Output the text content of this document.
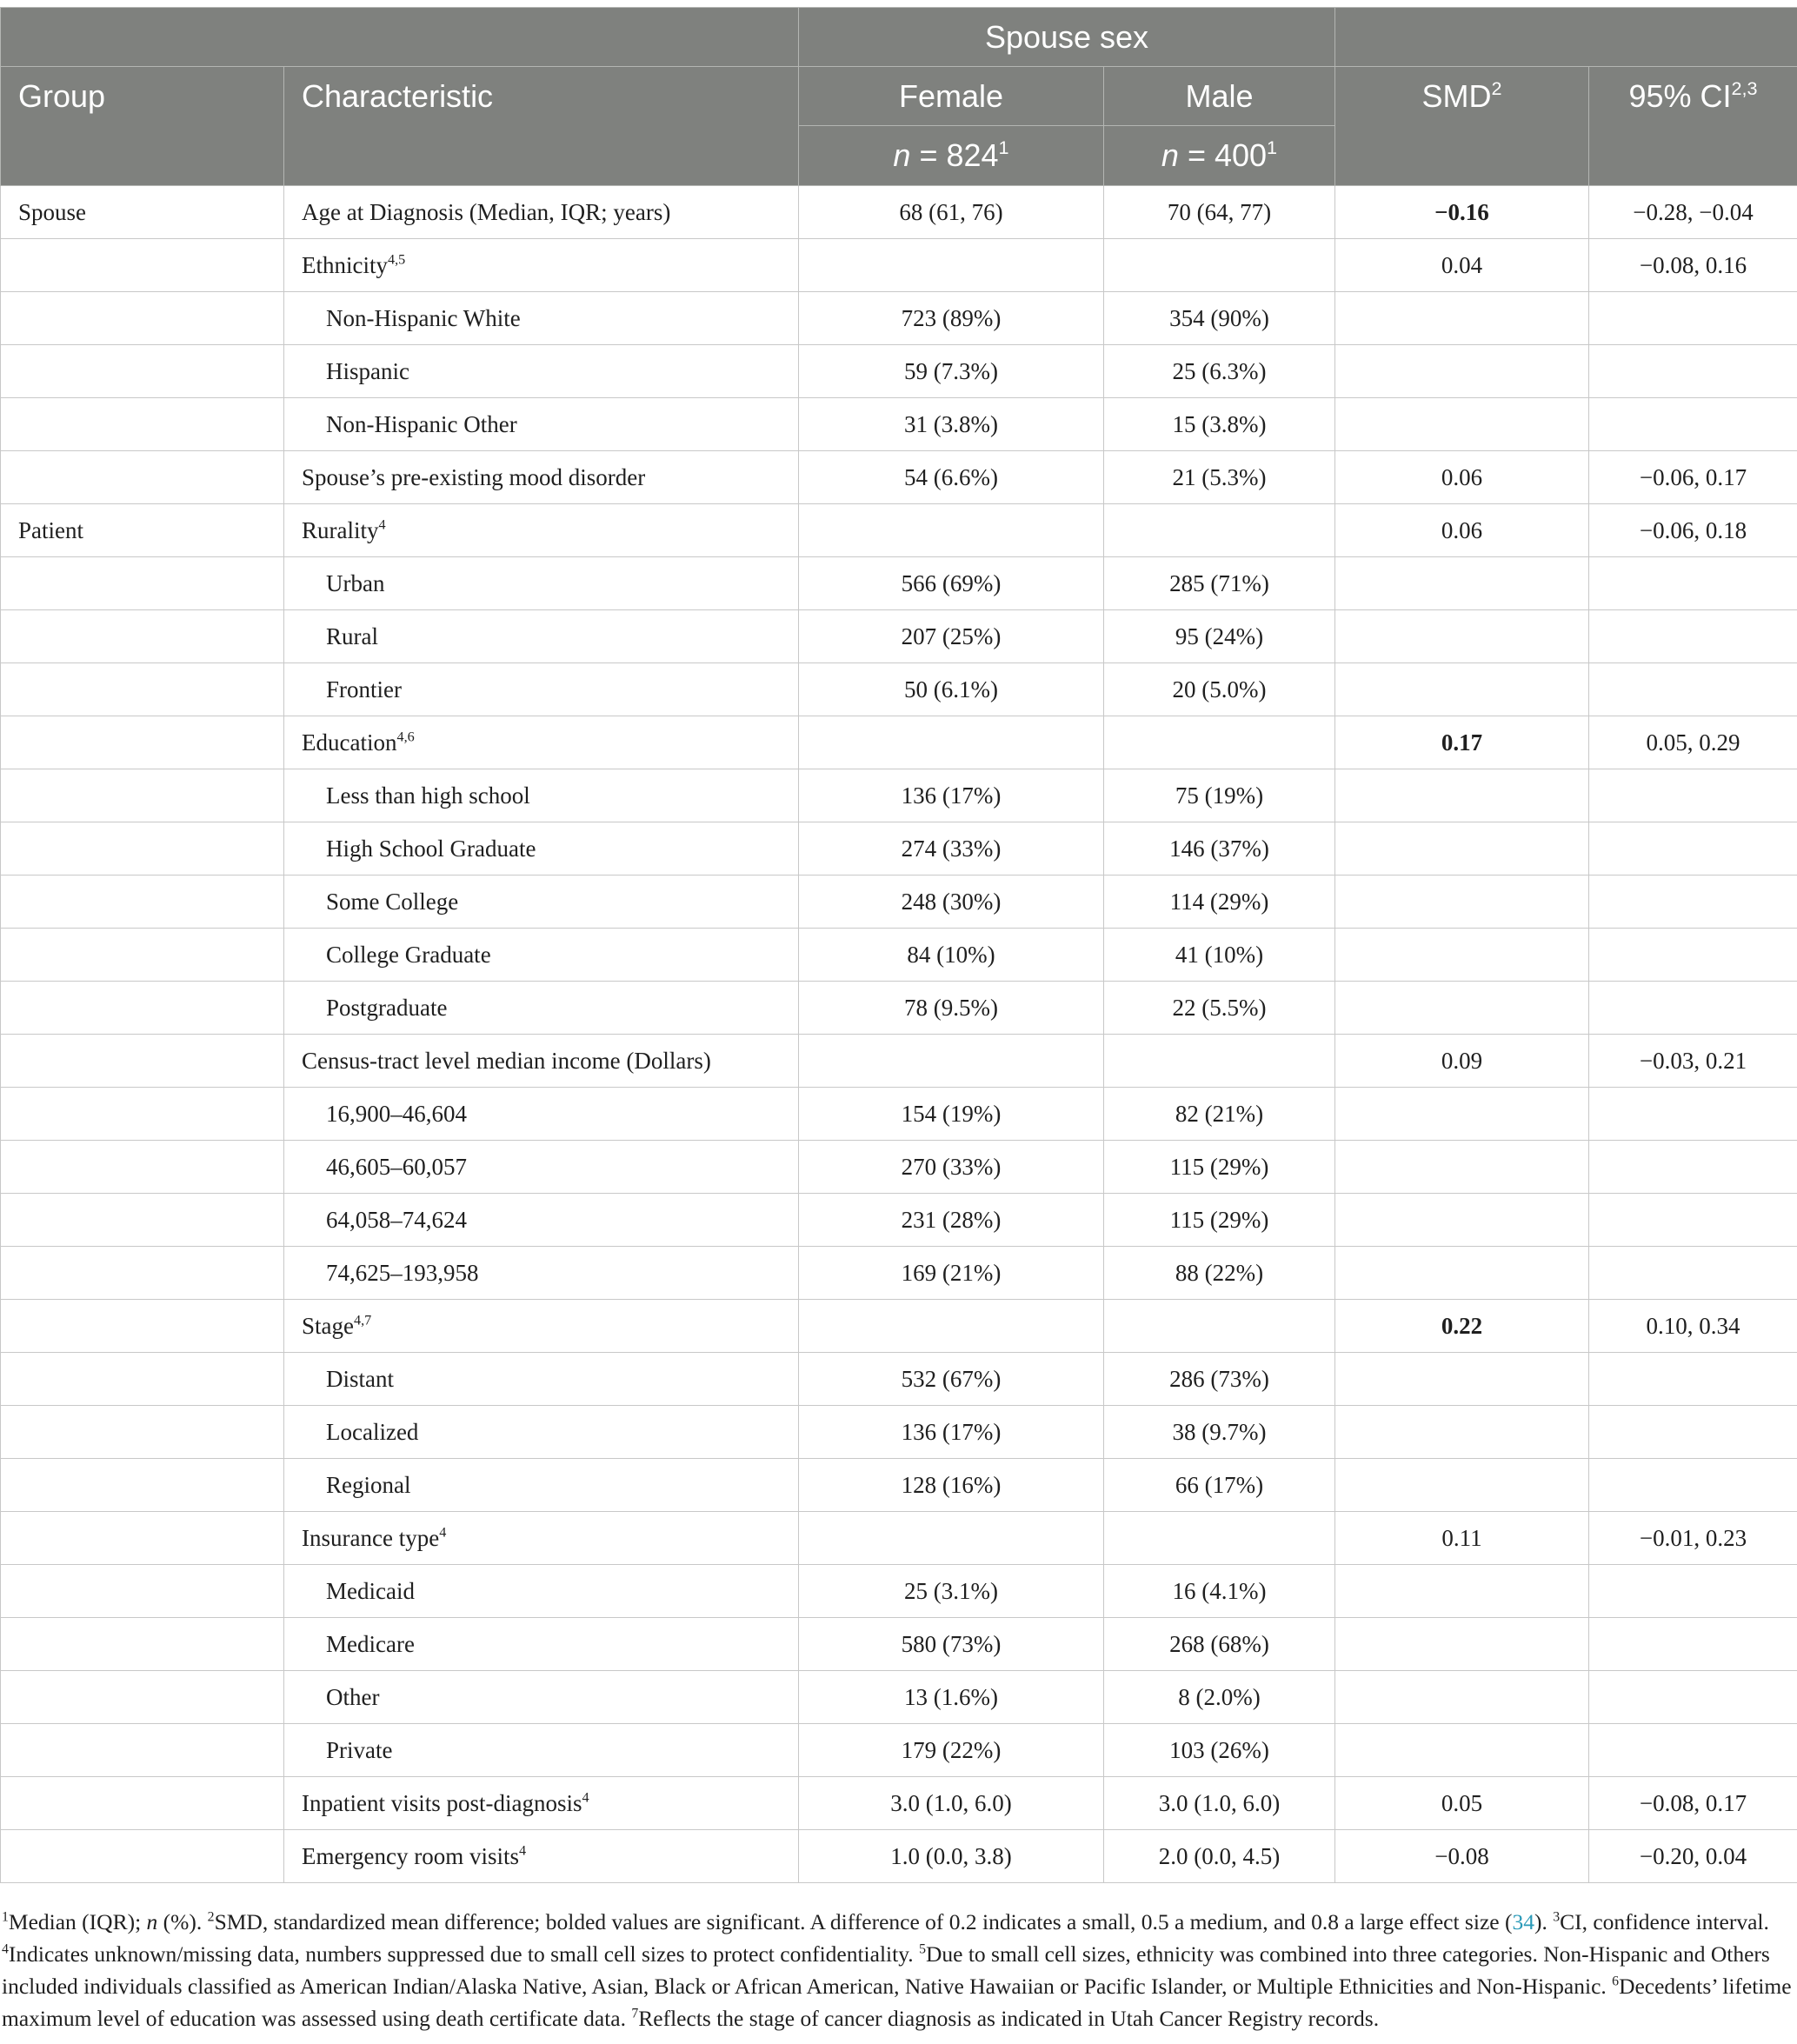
		Spouse sex			
Group	Characteristic	Female	Male	SMD$^2$	95% CI$^{2,3}$
		$n = 824^1$	$n = 400^1$
Spouse	Age at Diagnosis (Median, IQR; years)	68 (61, 76)	70 (64, 77)	−0.16	−0.28, −0.04
	Ethnicity$^{4,5}$			0.04	−0.08, 0.16
	Non-Hispanic White	723 (89%)	354 (90%)		
	Hispanic	59 (7.3%)	25 (6.3%)		
	Non-Hispanic Other	31 (3.8%)	15 (3.8%)		
	Spouse’s pre-existing mood disorder	54 (6.6%)	21 (5.3%)	0.06	−0.06, 0.17
Patient	Rurality$^4$			0.06	−0.06, 0.18
	Urban	566 (69%)	285 (71%)		
	Rural	207 (25%)	95 (24%)		
	Frontier	50 (6.1%)	20 (5.0%)		
	Education$^{4,6}$			0.17	0.05, 0.29
	Less than high school	136 (17%)	75 (19%)		
	High School Graduate	274 (33%)	146 (37%)		
	Some College	248 (30%)	114 (29%)		
	College Graduate	84 (10%)	41 (10%)		
	Postgraduate	78 (9.5%)	22 (5.5%)		
	Census-tract level median income (Dollars)			0.09	−0.03, 0.21
	16,900–46,604	154 (19%)	82 (21%)		
	46,605–60,057	270 (33%)	115 (29%)		
	64,058–74,624	231 (28%)	115 (29%)		
	74,625–193,958	169 (21%)	88 (22%)		
	Stage$^{4,7}$			0.22	0.10, 0.34
	Distant	532 (67%)	286 (73%)		
	Localized	136 (17%)	38 (9.7%)		
	Regional	128 (16%)	66 (17%)		
	Insurance type$^4$			0.11	−0.01, 0.23
	Medicaid	25 (3.1%)	16 (4.1%)		
	Medicare	580 (73%)	268 (68%)		
	Other	13 (1.6%)	8 (2.0%)		
	Private	179 (22%)	103 (26%)		
	Inpatient visits post-diagnosis$^4$	3.0 (1.0, 6.0)	3.0 (1.0, 6.0)	0.05	−0.08, 0.17
	Emergency room visits$^4$	1.0 (0.0, 3.8)	2.0 (0.0, 4.5)	−0.08	−0.20, 0.04
$^1$Median (IQR); n (%). $^2$SMD, standardized mean difference; bolded values are significant. A difference of 0.2 indicates a small, 0.5 a medium, and 0.8 a large effect size (34). $^3$CI, confidence interval. $^4$Indicates unknown/missing data, numbers suppressed due to small cell sizes to protect confidentiality. $^5$Due to small cell sizes, ethnicity was combined into three categories. Non-Hispanic and Others included individuals classified as American Indian/Alaska Native, Asian, Black or African American, Native Hawaiian or Pacific Islander, or Multiple Ethnicities and Non-Hispanic. $^6$Decedents’ lifetime maximum level of education was assessed using death certificate data. $^7$Reflects the stage of cancer diagnosis as indicated in Utah Cancer Registry records.
